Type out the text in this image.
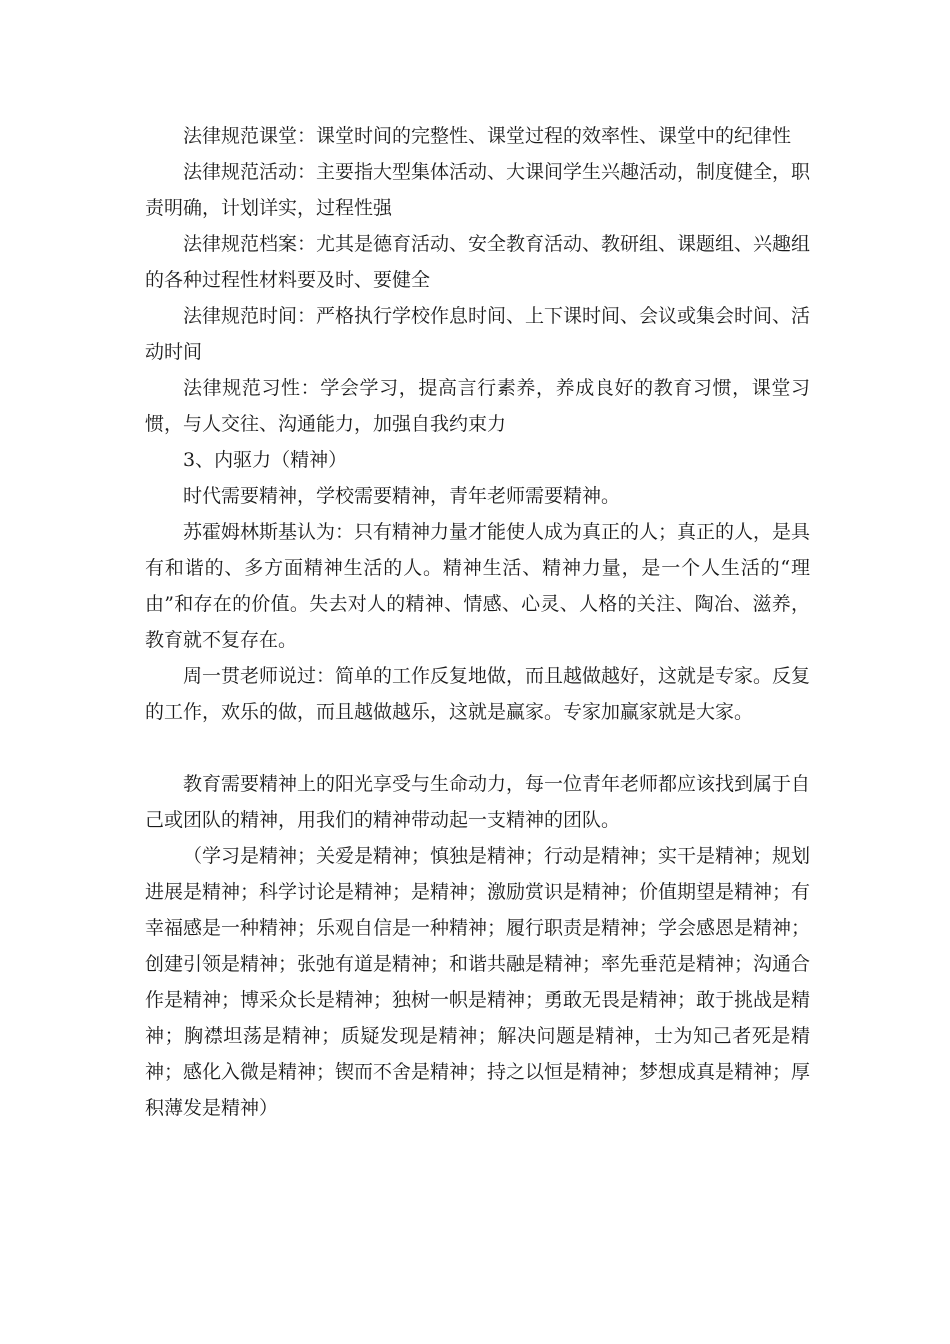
法律规范课堂：课堂时间的完整性、课堂过程的效率性、课堂中的纪律性

法律规范活动：主要指大型集体活动、大课间学生兴趣活动，制度健全，职责明确，计划详实，过程性强

法律规范档案：尤其是德育活动、安全教育活动、教研组、课题组、兴趣组的各种过程性材料要及时、要健全

法律规范时间：严格执行学校作息时间、上下课时间、会议或集会时间、活动时间

法律规范习性：学会学习，提高言行素养，养成良好的教育习惯，课堂习惯，与人交往、沟通能力，加强自我约束力

3、内驱力（精神）

时代需要精神，学校需要精神，青年老师需要精神。

苏霍姆林斯基认为：只有精神力量才能使人成为真正的人；真正的人，是具有和谐的、多方面精神生活的人。精神生活、精神力量，是一个人生活的“理由”和存在的价值。失去对人的精神、情感、心灵、人格的关注、陶冶、滋养，教育就不复存在。

周一贯老师说过：简单的工作反复地做，而且越做越好，这就是专家。反复的工作，欢乐的做，而且越做越乐，这就是赢家。专家加赢家就是大家。

教育需要精神上的阳光享受与生命动力，每一位青年老师都应该找到属于自己或团队的精神，用我们的精神带动起一支精神的团队。

（学习是精神；关爱是精神；慎独是精神；行动是精神；实干是精神；规划进展是精神；科学讨论是精神；是精神；激励赏识是精神；价值期望是精神；有幸福感是一种精神；乐观自信是一种精神；履行职责是精神；学会感恩是精神；创建引领是精神；张弛有道是精神；和谐共融是精神；率先垂范是精神；沟通合作是精神；博采众长是精神；独树一帜是精神；勇敢无畏是精神；敢于挑战是精神；胸襟坦荡是精神；质疑发现是精神；解决问题是精神，士为知己者死是精神；感化入微是精神；锲而不舍是精神；持之以恒是精神；梦想成真是精神；厚积薄发是精神）
